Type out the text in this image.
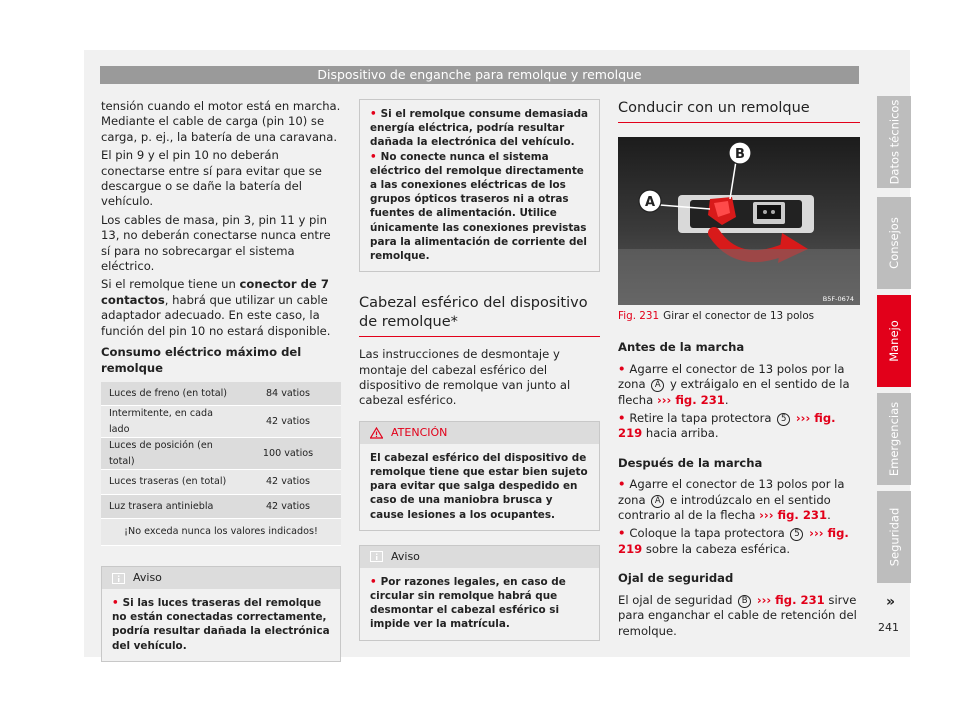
Dispositivo de enganche para remolque y remolque

tensión cuando el motor está en marcha. Mediante el cable de carga (pin 10) se carga, p. ej., la batería de una caravana.

El pin 9 y el pin 10 no deberán conectarse entre sí para evitar que se descargue o se dañe la batería del vehículo.

Los cables de masa, pin 3, pin 11 y pin 13, no deberán conectarse nunca entre sí para no sobrecargar el sistema eléctrico.

Si el remolque tiene un conector de 7 contactos, habrá que utilizar un cable adaptador adecuado. En este caso, la función del pin 10 no estará disponible.

Consumo eléctrico máximo del remolque

Luces de freno (en total)	84 vatios
Intermitente, en cada lado	42 vatios
Luces de posición (en total)	100 vatios
Luces traseras (en total)	42 vatios
Luz trasera antiniebla	42 vatios
¡No exceda nunca los valores indicados!	
Aviso
• Si las luces traseras del remolque no están conectadas correctamente, podría resultar dañada la electrónica del vehículo.
• Si el remolque consume demasiada energía eléctrica, podría resultar dañada la electrónica del vehículo.
• No conecte nunca el sistema eléctrico del remolque directamente a las conexiones eléctricas de los grupos ópticos traseros ni a otras fuentes de alimentación. Utilice únicamente las conexiones previstas para la alimentación de corriente del remolque.

Cabezal esférico del dispositivo de remolque*

Las instrucciones de desmontaje y montaje del cabezal esférico del dispositivo de remolque van junto al cabezal esférico.

ATENCIÓN
El cabezal esférico del dispositivo de remolque tiene que estar bien sujeto para evitar que salga despedido en caso de una maniobra brusca y cause lesiones a los ocupantes.
Aviso
• Por razones legales, en caso de circular sin remolque habrá que desmontar el cabezal esférico si impide ver la matrícula.

Conducir con un remolque

A
B
B5F-0674
Fig. 231 Girar el conector de 13 polos

Antes de la marcha

• Agarre el conector de 13 polos por la zona A y extráigalo en el sentido de la flecha ››› fig. 231.

• Retire la tapa protectora 5 ››› fig. 219 hacia arriba.

Después de la marcha

• Agarre el conector de 13 polos por la zona A e introdúzcalo en el sentido contrario al de la flecha ››› fig. 231.

• Coloque la tapa protectora 5 ››› fig. 219 sobre la cabeza esférica.

Ojal de seguridad

El ojal de seguridad B ››› fig. 231 sirve para enganchar el cable de retención del remolque.

Datos técnicos
Consejos
Manejo
Emergencias
Seguridad
»
241
